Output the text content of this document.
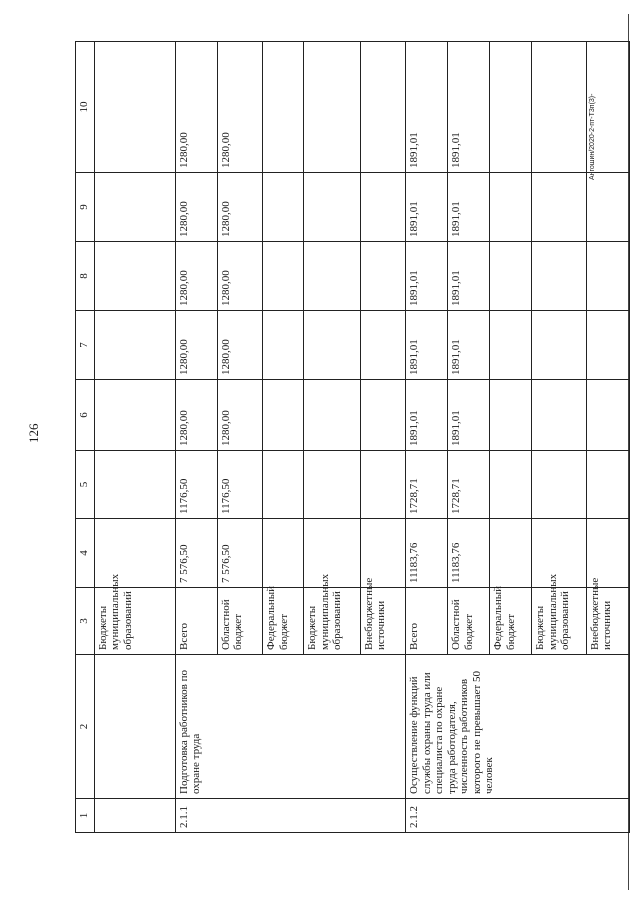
126
Ангошин/2020-2-пт-Т3п(3)-
1	2	3	4	5	6	7	8	9	10
		Бюджеты муниципальных образований							
2.1.1	Подготовка работников по охране труда	Всего	7 576,50	1176,50	1280,00	1280,00	1280,00	1280,00	1280,00
		Областной бюджет	7 576,50	1176,50	1280,00	1280,00	1280,00	1280,00	1280,00
		Федеральный бюджет							
		Бюджеты муниципальных образований							
		Внебюджетные источники							
2.1.2	Осуществление функций службы охраны труда или специалиста по охране труда работодателя, численность работников которого не превышает 50 человек	Всего	11183,76	1728,71	1891,01	1891,01	1891,01	1891,01	1891,01
		Областной бюджет	11183,76	1728,71	1891,01	1891,01	1891,01	1891,01	1891,01
		Федеральный бюджет							
		Бюджеты муниципальных образований							
		Внебюджетные источники							
